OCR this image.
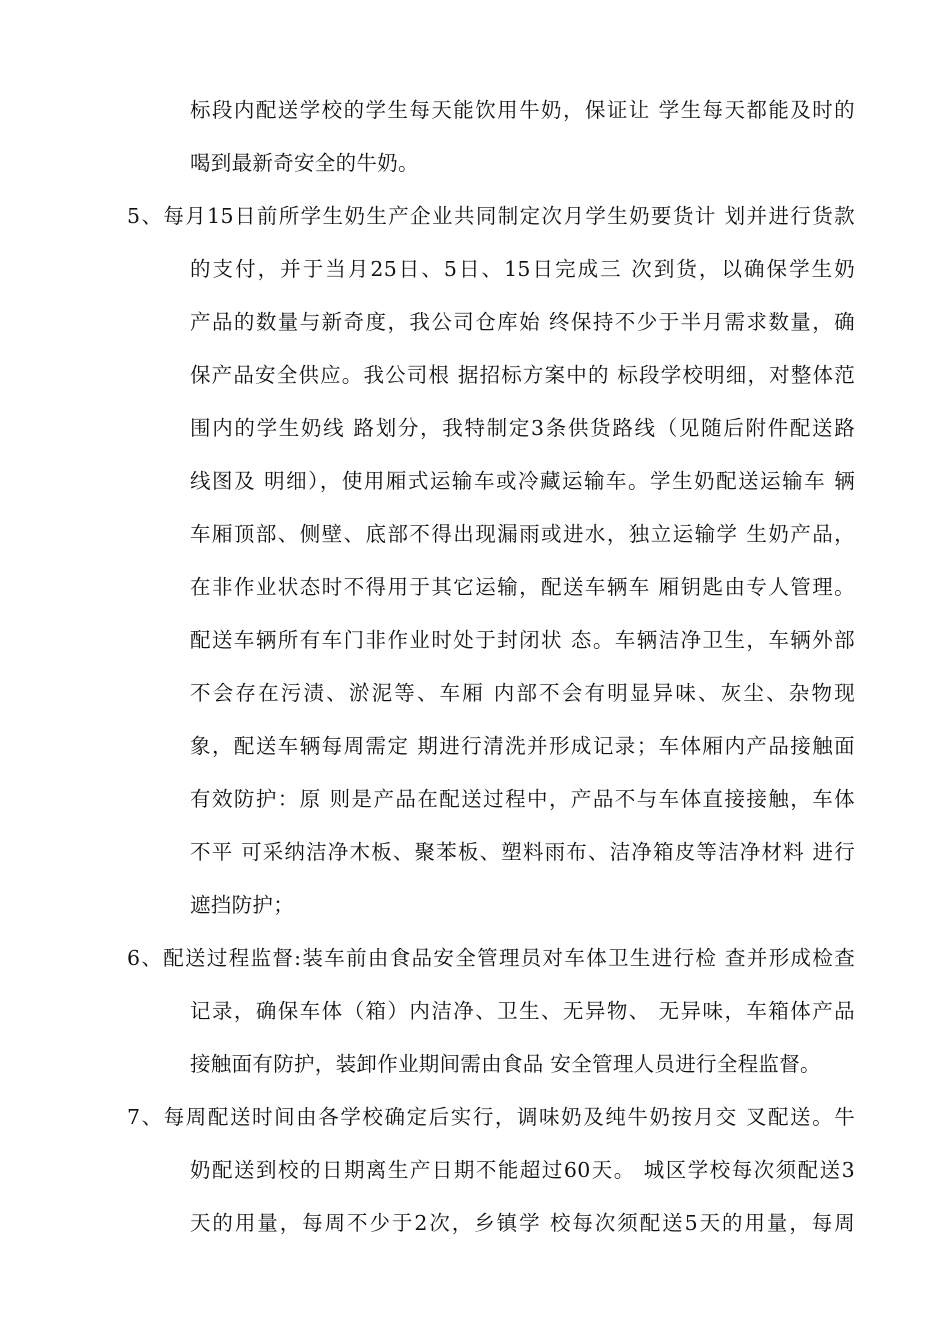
标段内配送学校的学生每天能饮用牛奶，保证让 学生每天都能及时的
喝到最新奇安全的牛奶。
5、每月15日前所学生奶生产企业共同制定次月学生奶要货计 划并进行货款
的支付，并于当月25日、5日、15日完成三 次到货，以确保学生奶
产品的数量与新奇度，我公司仓库始 终保持不少于半月需求数量，确
保产品安全供应。我公司根 据招标方案中的 标段学校明细，对整体范
围内的学生奶线 路划分，我特制定3条供货路线（见随后附件配送路
线图及 明细），使用厢式运输车或冷藏运输车。学生奶配送运输车 辆
车厢顶部、侧壁、底部不得出现漏雨或进水，独立运输学 生奶产品，
在非作业状态时不得用于其它运输，配送车辆车 厢钥匙由专人管理。
配送车辆所有车门非作业时处于封闭状 态。车辆洁净卫生，车辆外部
不会存在污渍、淤泥等、车厢 内部不会有明显异味、灰尘、杂物现
象，配送车辆每周需定 期进行清洗并形成记录；车体厢内产品接触面
有效防护：原 则是产品在配送过程中，产品不与车体直接接触，车体
不平 可采纳洁净木板、聚苯板、塑料雨布、洁净箱皮等洁净材料 进行
遮挡防护；
6、配送过程监督:装车前由食品安全管理员对车体卫生进行检 查并形成检查
记录，确保车体（箱）内洁净、卫生、无异物、 无异味，车箱体产品
接触面有防护，装卸作业期间需由食品 安全管理人员进行全程监督。
7、每周配送时间由各学校确定后实行，调味奶及纯牛奶按月交 叉配送。牛
奶配送到校的日期离生产日期不能超过60天。 城区学校每次须配送3
天的用量，每周不少于2次，乡镇学 校每次须配送5天的用量，每周
